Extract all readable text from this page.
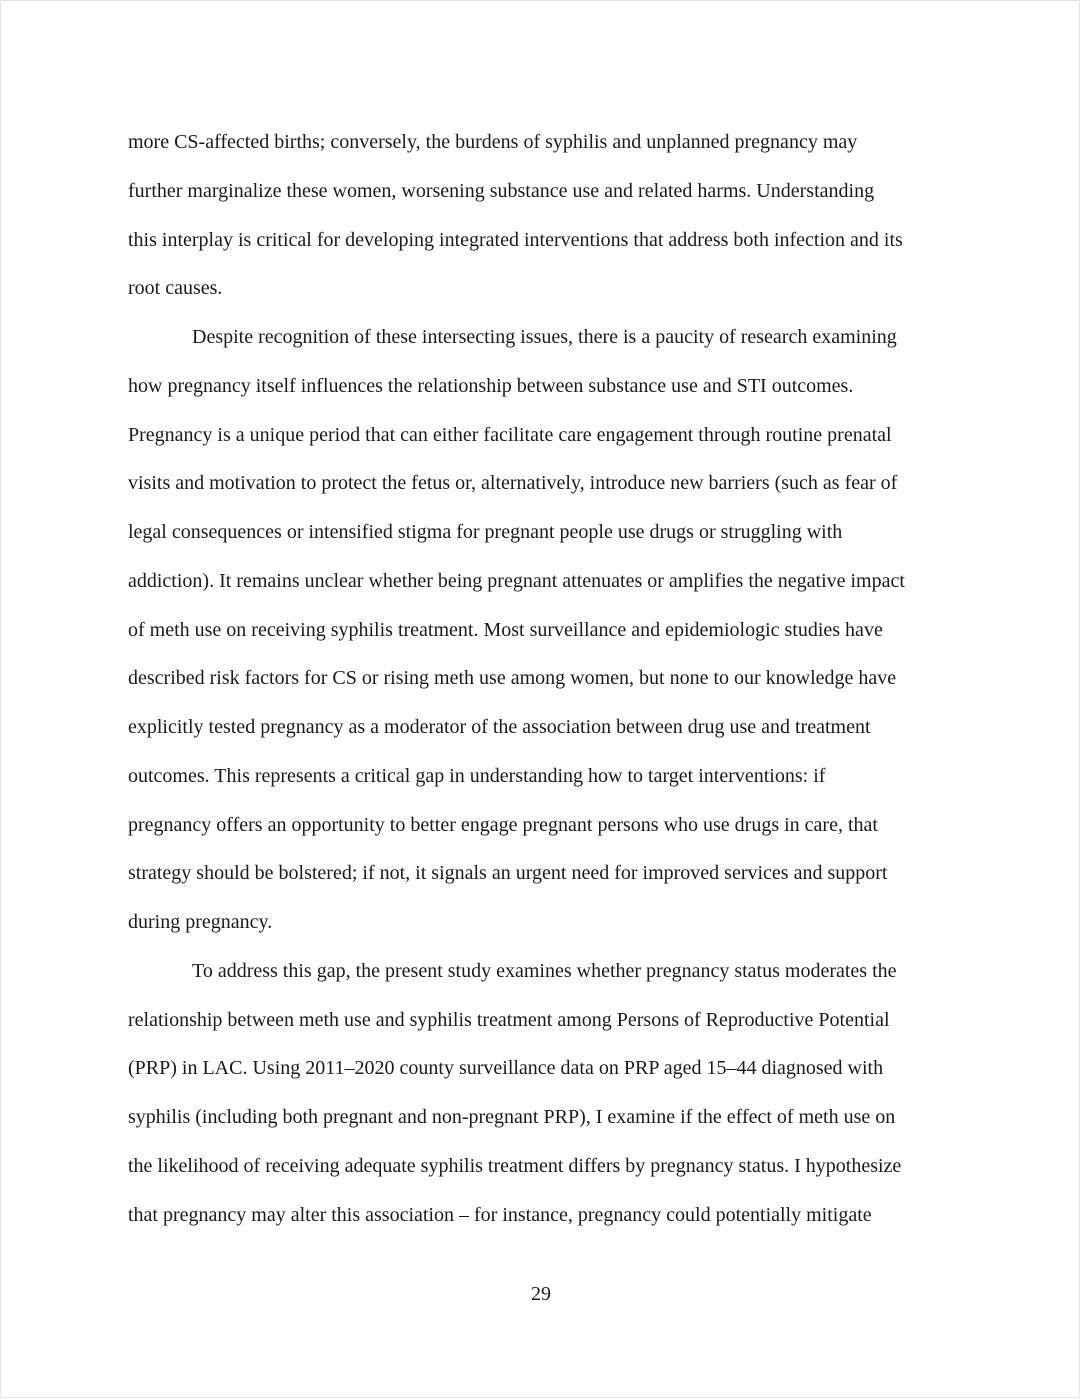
more CS-affected births; conversely, the burdens of syphilis and unplanned pregnancy may
further marginalize these women, worsening substance use and related harms. Understanding
this interplay is critical for developing integrated interventions that address both infection and its
root causes.
Despite recognition of these intersecting issues, there is a paucity of research examining
how pregnancy itself influences the relationship between substance use and STI outcomes.
Pregnancy is a unique period that can either facilitate care engagement through routine prenatal
visits and motivation to protect the fetus or, alternatively, introduce new barriers (such as fear of
legal consequences or intensified stigma for pregnant people use drugs or struggling with
addiction). It remains unclear whether being pregnant attenuates or amplifies the negative impact
of meth use on receiving syphilis treatment. Most surveillance and epidemiologic studies have
described risk factors for CS or rising meth use among women, but none to our knowledge have
explicitly tested pregnancy as a moderator of the association between drug use and treatment
outcomes. This represents a critical gap in understanding how to target interventions: if
pregnancy offers an opportunity to better engage pregnant persons who use drugs in care, that
strategy should be bolstered; if not, it signals an urgent need for improved services and support
during pregnancy.
To address this gap, the present study examines whether pregnancy status moderates the
relationship between meth use and syphilis treatment among Persons of Reproductive Potential
(PRP) in LAC. Using 2011–2020 county surveillance data on PRP aged 15–44 diagnosed with
syphilis (including both pregnant and non-pregnant PRP), I examine if the effect of meth use on
the likelihood of receiving adequate syphilis treatment differs by pregnancy status. I hypothesize
that pregnancy may alter this association – for instance, pregnancy could potentially mitigate
29
